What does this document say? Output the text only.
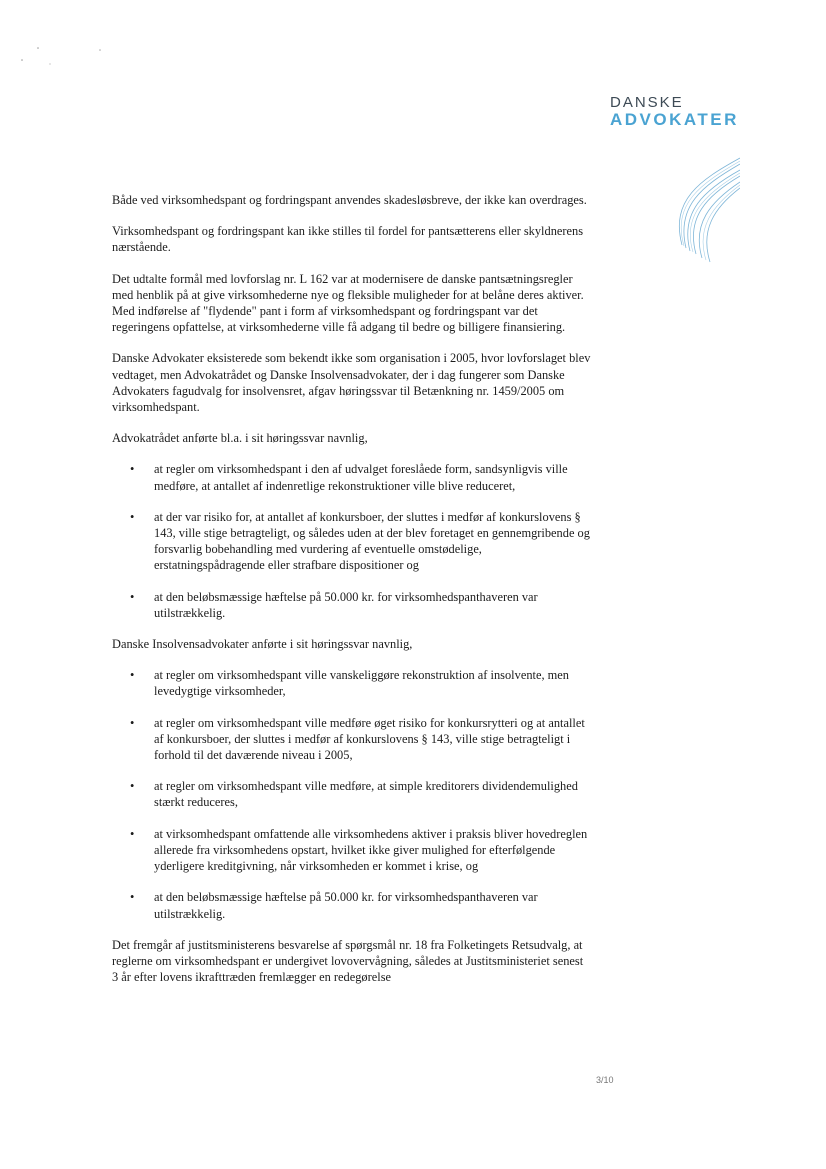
DANSKE
ADVOKATER

Både ved virksomhedspant og fordringspant anvendes skadesløsbreve, der ikke kan overdrages.

Virksomhedspant og fordringspant kan ikke stilles til fordel for pantsætterens eller skyldnerens nærstående.

Det udtalte formål med lovforslag nr. L 162 var at modernisere de danske pantsætningsregler med henblik på at give virksomhederne nye og fleksible muligheder for at belåne deres aktiver. Med indførelse af "flydende" pant i form af virksomhedspant og fordringspant var det regeringens opfattelse, at virksomhederne ville få adgang til bedre og billigere finansiering.

Danske Advokater eksisterede som bekendt ikke som organisation i 2005, hvor lovforslaget blev vedtaget, men Advokatrådet og Danske Insolvensadvokater, der i dag fungerer som Danske Advokaters fagudvalg for insolvensret, afgav høringssvar til Betænkning nr. 1459/2005 om virksomhedspant.

Advokatrådet anførte bl.a. i sit høringssvar navnlig,

• at regler om virksomhedspant i den af udvalget foreslåede form, sandsynligvis ville medføre, at antallet af indenretlige rekonstruktioner ville blive reduceret,
• at der var risiko for, at antallet af konkursboer, der sluttes i medfør af konkurslovens § 143, ville stige betragteligt, og således uden at der blev foretaget en gennemgribende og forsvarlig bobehandling med vurdering af eventuelle omstødelige, erstatningspådragende eller strafbare dispositioner og
• at den beløbsmæssige hæftelse på 50.000 kr. for virksomhedspanthaveren var utilstrækkelig.

Danske Insolvensadvokater anførte i sit høringssvar navnlig,

• at regler om virksomhedspant ville vanskeliggøre rekonstruktion af insolvente, men levedygtige virksomheder,
• at regler om virksomhedspant ville medføre øget risiko for konkursrytteri og at antallet af konkursboer, der sluttes i medfør af konkurslovens § 143, ville stige betragteligt i forhold til det daværende niveau i 2005,
• at regler om virksomhedspant ville medføre, at simple kreditorers dividendemulighed stærkt reduceres,
• at virksomhedspant omfattende alle virksomhedens aktiver i praksis bliver hovedreglen allerede fra virksomhedens opstart, hvilket ikke giver mulighed for efterfølgende yderligere kreditgivning, når virksomheden er kommet i krise, og
• at den beløbsmæssige hæftelse på 50.000 kr. for virksomhedspanthaveren var utilstrækkelig.

Det fremgår af justitsministerens besvarelse af spørgsmål nr. 18 fra Folketingets Retsudvalg, at reglerne om virksomhedspant er undergivet lovovervågning, således at Justitsministeriet senest 3 år efter lovens ikrafttræden fremlægger en redegørelse

3/10
